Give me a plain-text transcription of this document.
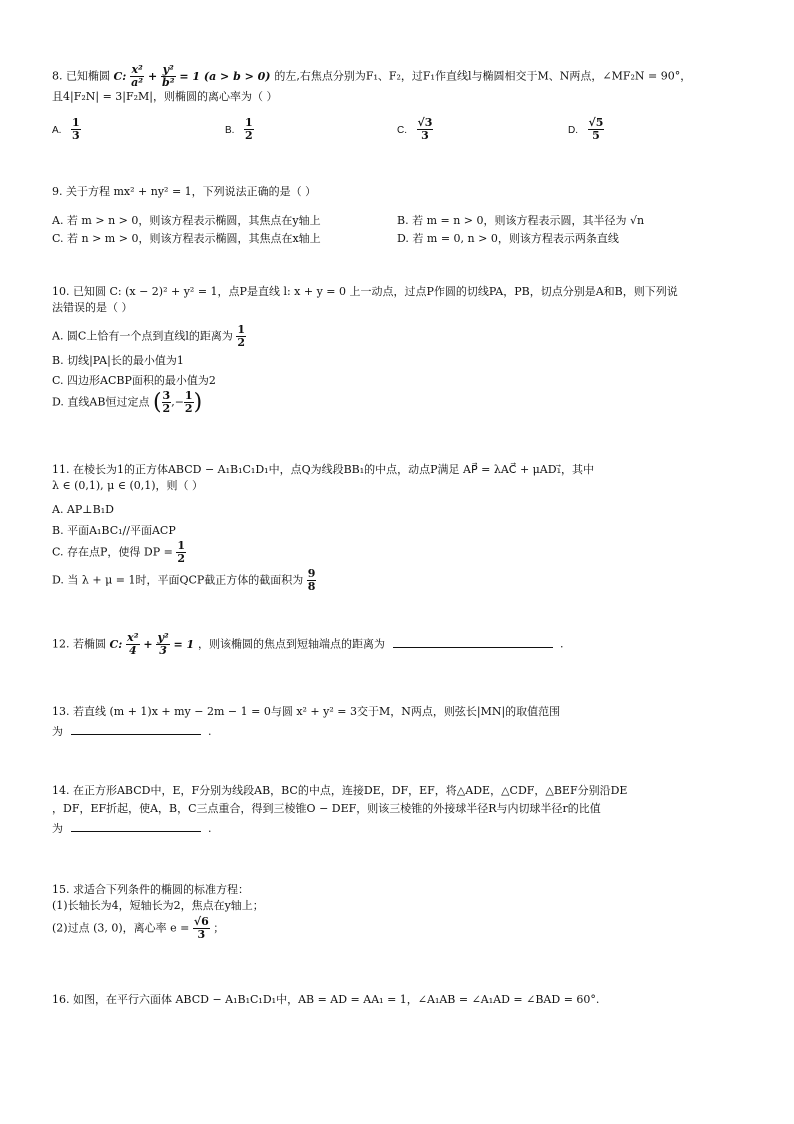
8. 已知椭圆 C: $\frac{\text{x²}}{\text{a²}} + \frac{\text{y²}}{\text{b²}} = 1$ (a > b > 0) 的左,右焦点分别为F₁、F₂，过F₁作直线l与椭圆相交于M、N两点，∠MF₂N = 90°，
且4|F₂N| = 3|F₂M|，则椭圆的离心率为（ ）
A. $\frac{1}{3}$	B. $\frac{1}{2}$	C. $\frac{√3}{3}$	D. $\frac{√5}{5}$
9. 关于方程 mx² + ny² = 1，下列说法正确的是（ ）
A. 若 m > n > 0，则该方程表示椭圆，其焦点在y轴上	B. 若 m = n > 0，则该方程表示圆，其半径为 √n
C. 若 n > m > 0，则该方程表示椭圆，其焦点在x轴上	D. 若 m = 0, n > 0，则该方程表示两条直线
10. 已知圆 C: (x − 2)² + y² = 1，点P是直线 l: x + y = 0 上一动点，过点P作圆的切线PA，PB，切点分别是A和B，则下列说
法错误的是（ ）
A. 圆C上恰有一个点到直线l的距离为 $\frac{1}{2}$
B. 切线|PA|长的最小值为1
C. 四边形ACBP面积的最小值为2
D. 直线AB恒过定点 ( $\frac{3}{2}$ ,− $\frac{1}{2}$ )
11. 在棱长为1的正方体ABCD − A₁B₁C₁D₁中，点Q为线段BB₁的中点，动点P满足 AP⃗ = λAC⃗ + μAD₁⃗，其中
λ ∈ (0,1), μ ∈ (0,1)，则（ ）
A. AP⊥B₁D
B. 平面A₁BC₁//平面ACP
C. 存在点P，使得 DP = $\frac{1}{2}$
D. 当 λ + μ = 1时，平面QCP截正方体的截面积为 $\frac{9}{8}$
12. 若椭圆 C: $\frac{\text{x²}}{4} + \frac{\text{y²}}{3} = 1$ ，则该椭圆的焦点到短轴端点的距离为	.
13. 若直线 (m + 1)x + my − 2m − 1 = 0与圆 x² + y² = 3交于M，N两点，则弦长|MN|的取值范围
为	.
14. 在正方形ABCD中，E，F分别为线段AB，BC的中点，连接DE，DF，EF，将△ADE，△CDF，△BEF分别沿DE
，DF，EF折起，使A，B，C三点重合，得到三棱锥O − DEF，则该三棱锥的外接球半径R与内切球半径r的比值
为	.
15. 求适合下列条件的椭圆的标准方程：
(1)长轴长为4，短轴长为2，焦点在y轴上；
(2)过点 (3, 0)，离心率 $e = \frac{√6}{3}$ ；
16. 如图，在平行六面体 ABCD − A₁B₁C₁D₁中，AB = AD = AA₁ = 1，∠A₁AB = ∠A₁AD = ∠BAD = 60°.
